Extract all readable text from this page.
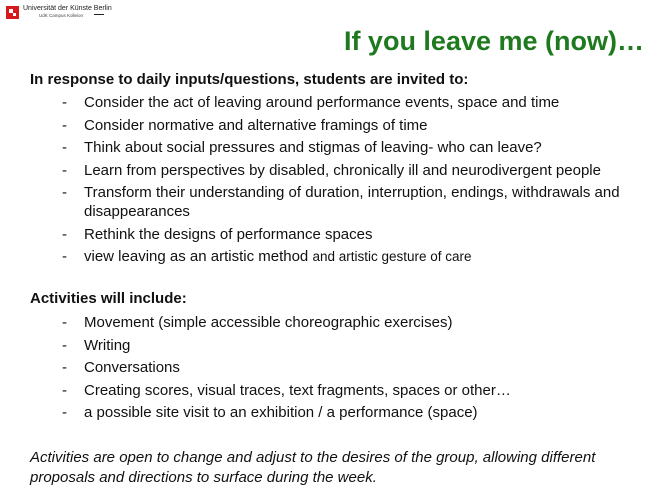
Universität der Künste Berlin
UdK Campus Kolleion
If you leave me (now)…
In response to daily inputs/questions, students are invited to:
-	Consider the act of leaving around performance events, space and time
-	Consider normative and alternative framings of time
-	Think about social pressures and stigmas of leaving- who can leave?
-	Learn from perspectives by disabled, chronically ill and neurodivergent people
-	Transform their understanding of duration, interruption, endings, withdrawals and disappearances
-	Rethink the designs of performance spaces
-	view leaving as an artistic method and artistic gesture of care
Activities will include:
-	Movement (simple accessible choreographic exercises)
-	Writing
-	Conversations
-	Creating scores, visual traces, text fragments, spaces or other…
-	a possible site visit to an exhibition / a performance (space)
Activities are open to change and adjust to the desires of the group, allowing different proposals and directions to surface during the week.
